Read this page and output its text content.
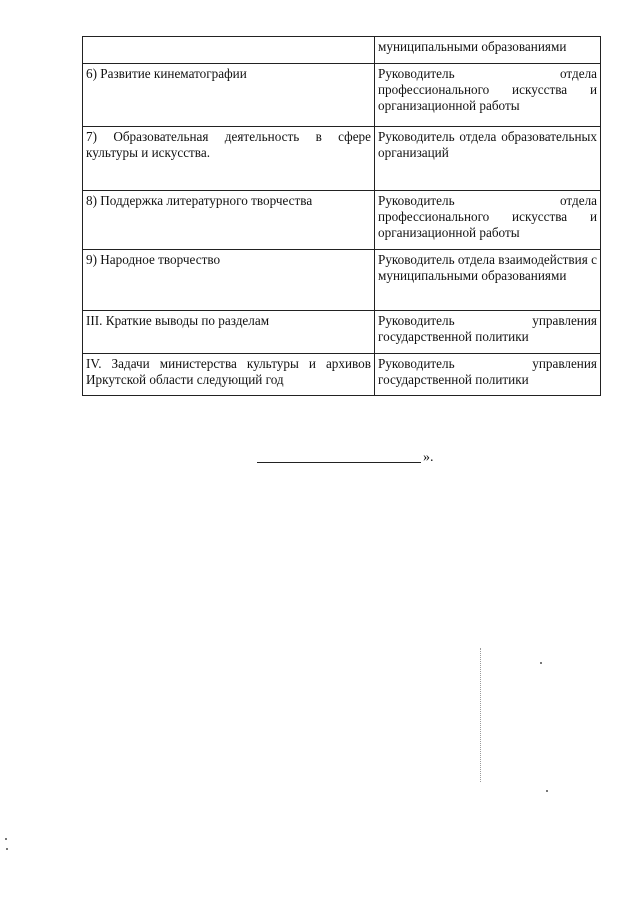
	муниципальными образованиями
6) Развитие кинематографии	Руководитель отдела профессионального искусства и организационной работы
7) Образовательная деятельность в сфере культуры и искусства.	Руководитель отдела образовательных организаций
8) Поддержка литературного творчества	Руководитель отдела профессионального искусства и организационной работы
9) Народное творчество	Руководитель отдела взаимодействия с муниципальными образованиями
III. Краткие выводы по разделам	Руководитель управления государственной политики
IV. Задачи министерства культуры и архивов Иркутской области следующий год	Руководитель управления государственной политики
».
